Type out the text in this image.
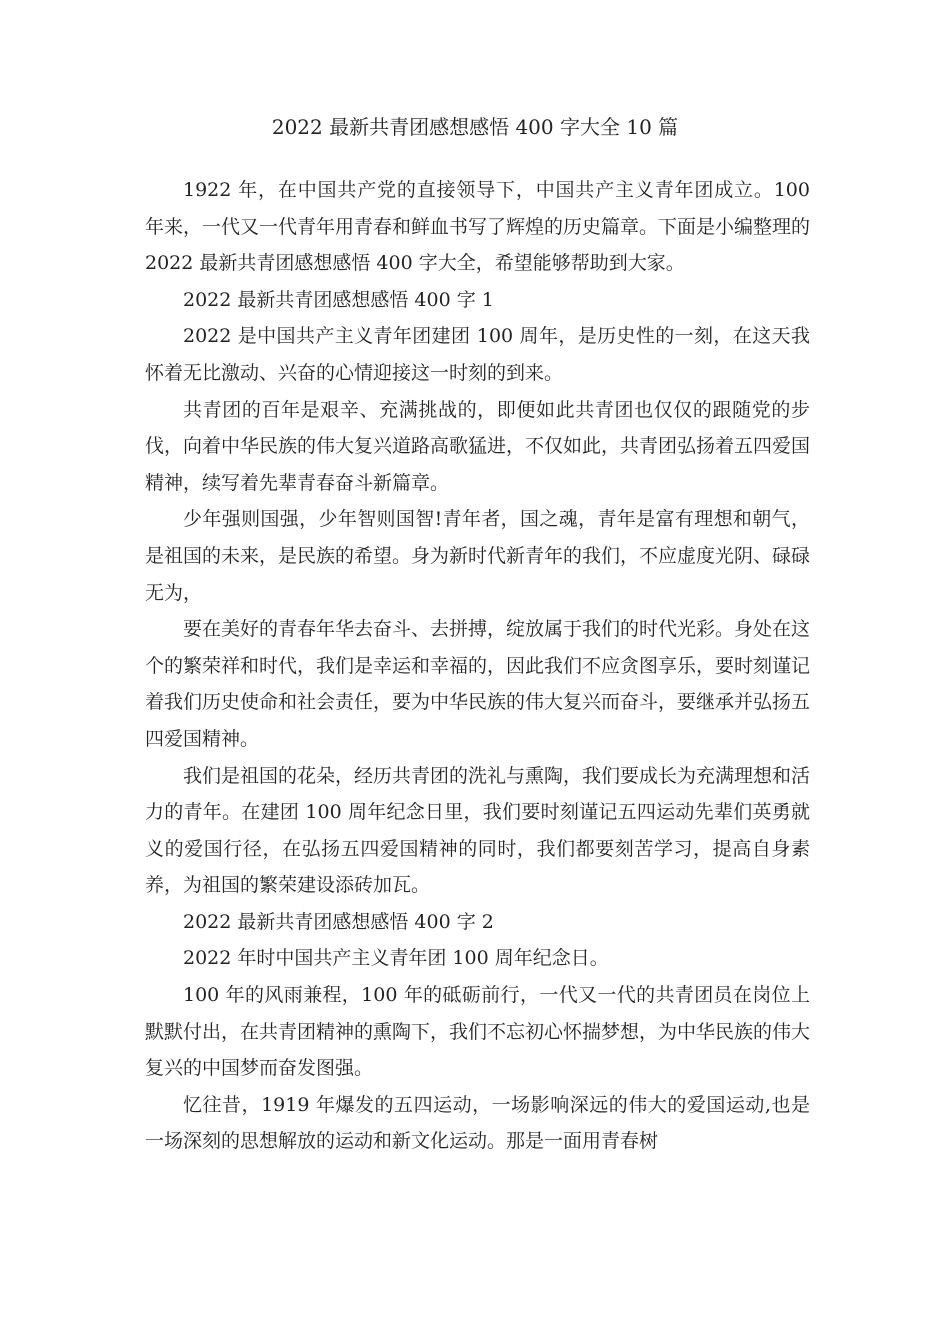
2022 最新共青团感想感悟 400 字大全 10 篇

1922 年，在中国共产党的直接领导下，中国共产主义青年团成立。100 年来，一代又一代青年用青春和鲜血书写了辉煌的历史篇章。下面是小编整理的 2022 最新共青团感想感悟 400 字大全，希望能够帮助到大家。

2022 最新共青团感想感悟 400 字 1

2022 是中国共产主义青年团建团 100 周年，是历史性的一刻，在这天我怀着无比激动、兴奋的心情迎接这一时刻的到来。

共青团的百年是艰辛、充满挑战的，即便如此共青团也仅仅的跟随党的步伐，向着中华民族的伟大复兴道路高歌猛进，不仅如此，共青团弘扬着五四爱国精神，续写着先辈青春奋斗新篇章。

少年强则国强，少年智则国智!青年者，国之魂，青年是富有理想和朝气，是祖国的未来，是民族的希望。身为新时代新青年的我们，不应虚度光阴、碌碌无为，

要在美好的青春年华去奋斗、去拼搏，绽放属于我们的时代光彩。身处在这个的繁荣祥和时代，我们是幸运和幸福的，因此我们不应贪图享乐，要时刻谨记着我们历史使命和社会责任，要为中华民族的伟大复兴而奋斗，要继承并弘扬五四爱国精神。

我们是祖国的花朵，经历共青团的洗礼与熏陶，我们要成长为充满理想和活力的青年。在建团 100 周年纪念日里，我们要时刻谨记五四运动先辈们英勇就义的爱国行径，在弘扬五四爱国精神的同时，我们都要刻苦学习，提高自身素养，为祖国的繁荣建设添砖加瓦。

2022 最新共青团感想感悟 400 字 2

2022 年时中国共产主义青年团 100 周年纪念日。

100 年的风雨兼程，100 年的砥砺前行，一代又一代的共青团员在岗位上默默付出，在共青团精神的熏陶下，我们不忘初心怀揣梦想，为中华民族的伟大复兴的中国梦而奋发图强。

忆往昔，1919 年爆发的五四运动，一场影响深远的伟大的爱国运动,也是一场深刻的思想解放的运动和新文化运动。那是一面用青春树
